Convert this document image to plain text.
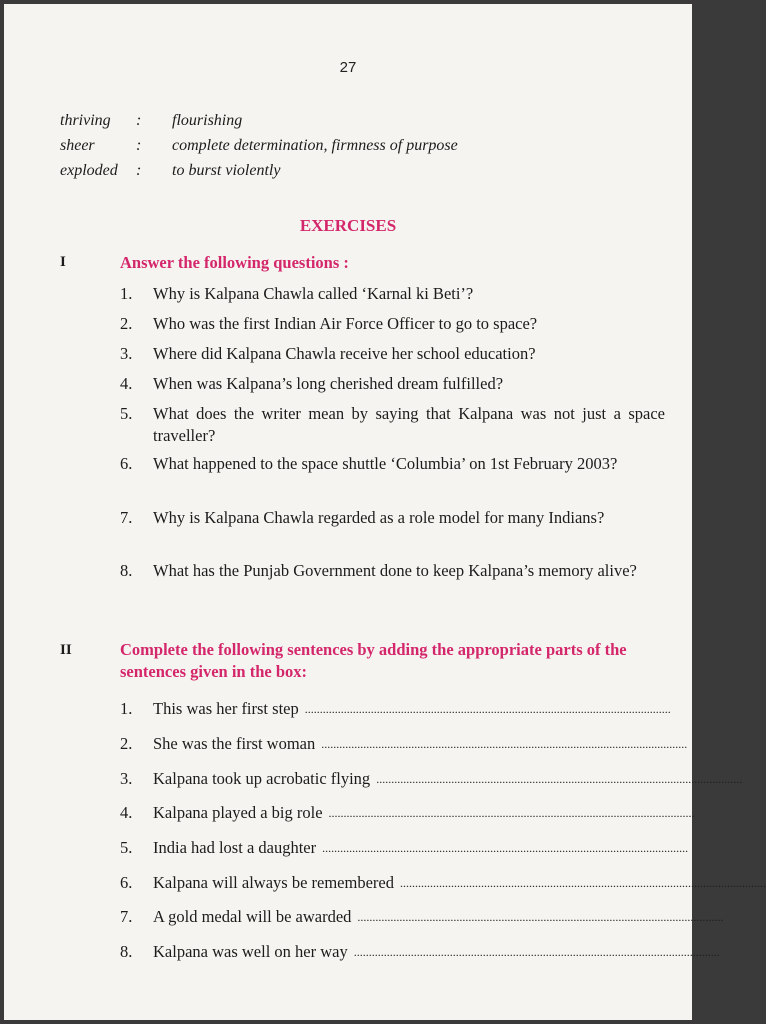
27
thriving	:	flourishing
sheer	:	complete determination, firmness of purpose
exploded	:	to burst violently
EXERCISES
I	Answer the following questions :
1.	Why is Kalpana Chawla called ‘Karnal ki Beti’?
2.	Who was the first Indian Air Force Officer to go to space?
3.	Where did Kalpana Chawla receive her school education?
4.	When was Kalpana’s long cherished dream fulfilled?
5.	What does the writer mean by saying that Kalpana was not just a space traveller?
6.	What happened to the space shuttle ‘Columbia’ on 1st February 2003?
7.	Why is Kalpana Chawla regarded as a role model for many Indians?
8.	What has the Punjab Government done to keep Kalpana’s memory alive?
II	Complete the following sentences by adding the appropriate parts of the sentences given in the box:
1.	This was her first step ..........................................................................................................................
2.	She was the first woman ..........................................................................................................................
3.	Kalpana took up acrobatic flying ..........................................................................................................................
4.	Kalpana played a big role ..........................................................................................................................
5.	India had lost a daughter ..........................................................................................................................
6.	Kalpana will always be remembered ..........................................................................................................................
7.	A gold medal will be awarded ..........................................................................................................................
8.	Kalpana was well on her way ..........................................................................................................................
